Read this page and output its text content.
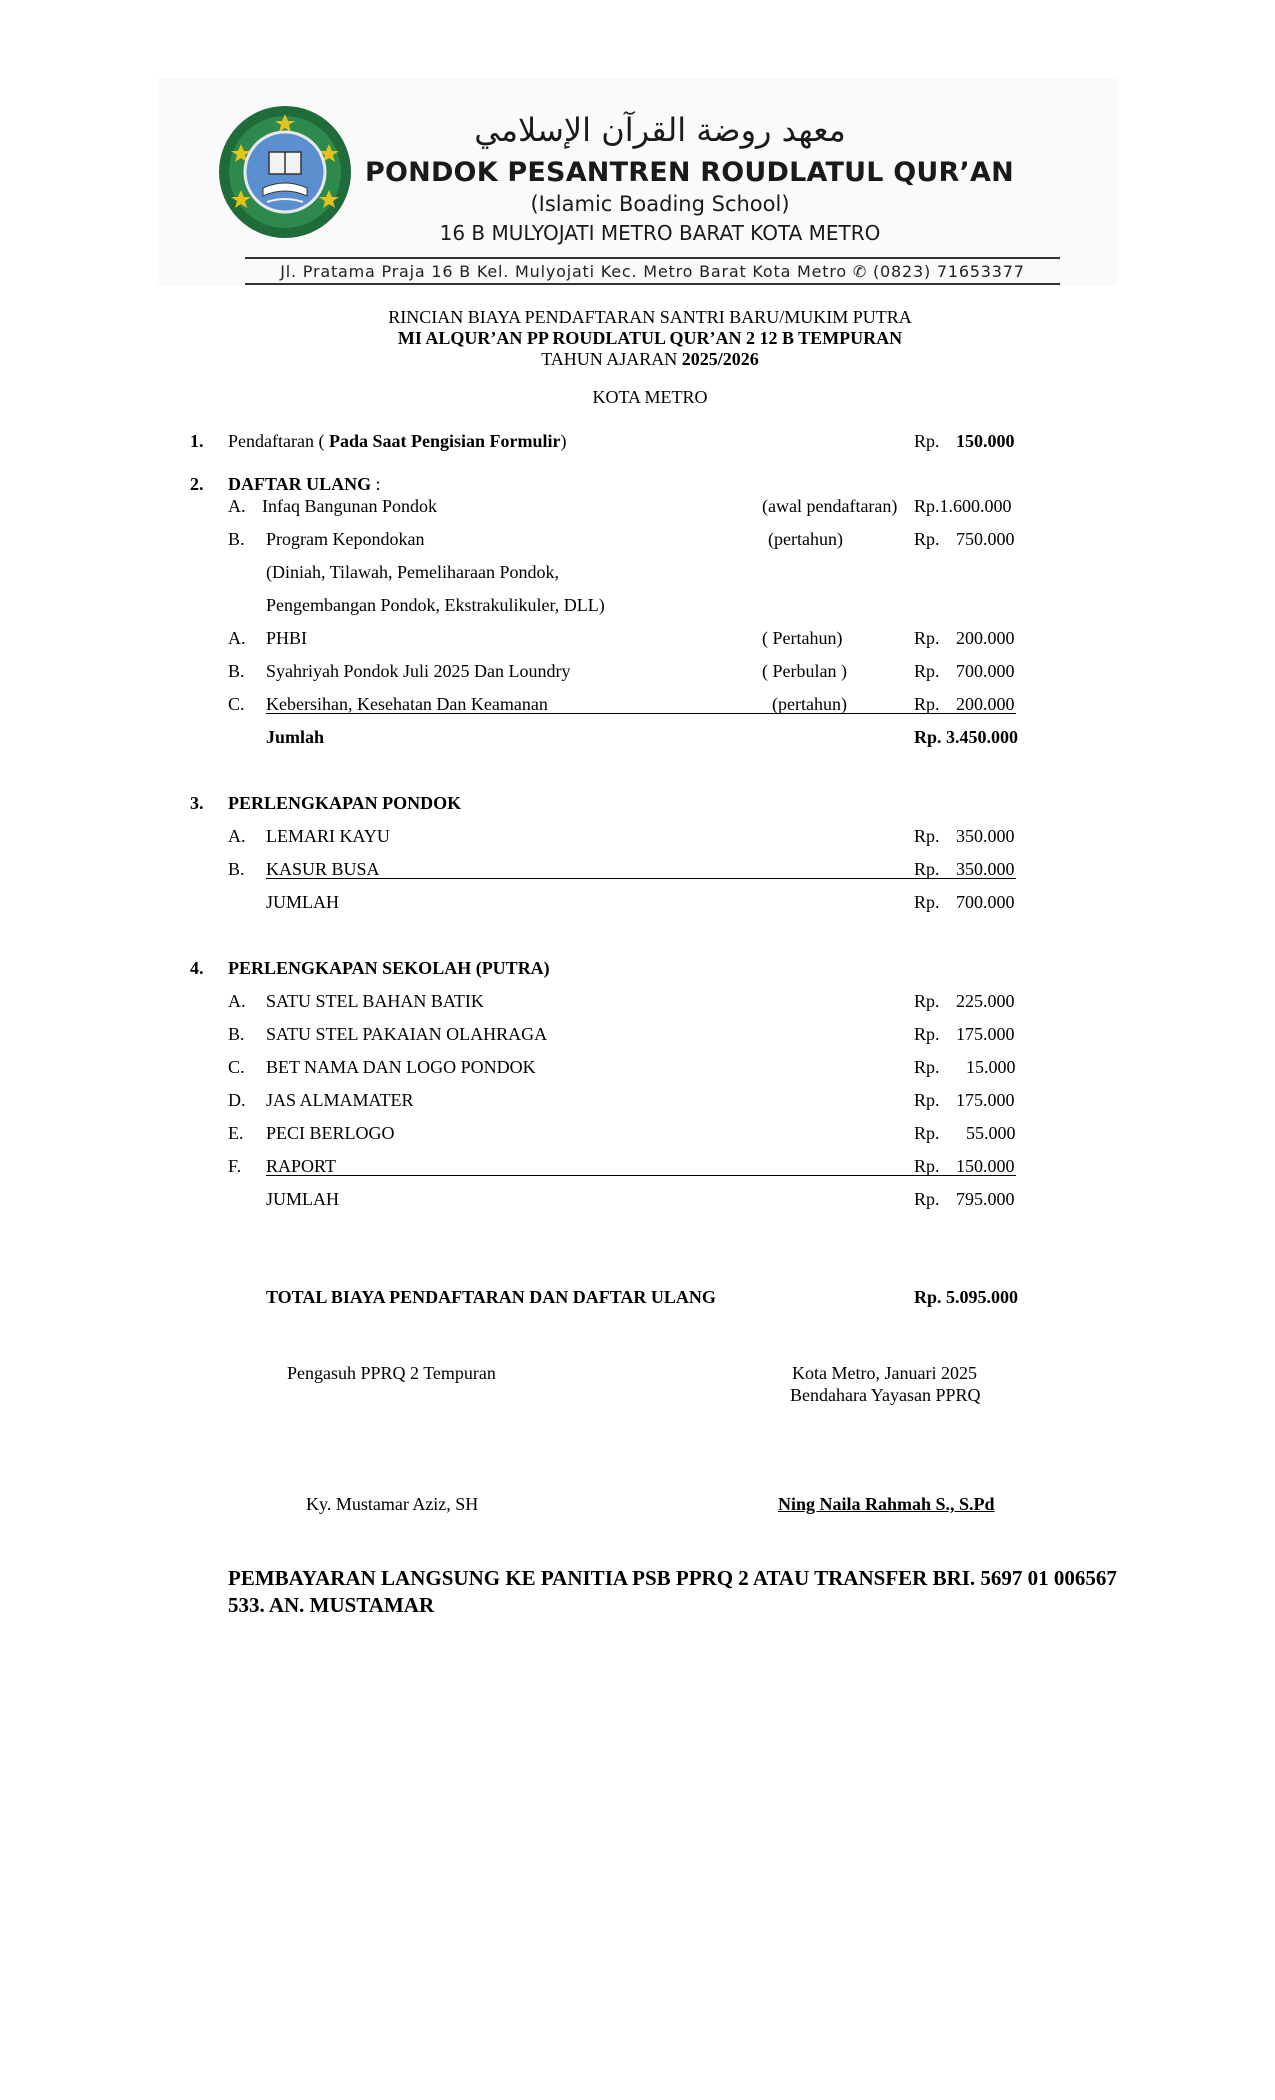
معهد روضة القرآن الإسلامي
PONDOK PESANTREN ROUDLATUL QUR’AN
(Islamic Boading School)
16 B MULYOJATI METRO BARAT KOTA METRO
Jl. Pratama Praja 16 B Kel. Mulyojati Kec. Metro Barat Kota Metro ✆ (0823) 71653377
RINCIAN BIAYA PENDAFTARAN SANTRI BARU/MUKIM PUTRA
MI ALQUR’AN PP ROUDLATUL QUR’AN 2 12 B TEMPURAN
TAHUN AJARAN 2025/2026
KOTA METRO
1. Pendaftaran ( Pada Saat Pengisian Formulir)	Rp. 150.000
2. DAFTAR ULANG :
A. Infaq Bangunan Pondok	(awal pendaftaran) Rp.1.600.000
B. Program Kepondokan	(pertahun)	Rp. 750.000
(Diniah, Tilawah, Pemeliharaan Pondok,
Pengembangan Pondok, Ekstrakulikuler, DLL)
A. PHBI	( Pertahun)	Rp. 200.000
B. Syahriyah Pondok Juli 2025 Dan Loundry	( Perbulan )	Rp. 700.000
C. Kebersihan, Kesehatan Dan Keamanan	(pertahun)	Rp. 200.000
Jumlah	Rp. 3.450.000
3. PERLENGKAPAN PONDOK
A. LEMARI KAYU	Rp. 350.000
B. KASUR BUSA	Rp. 350.000
JUMLAH	Rp. 700.000
4. PERLENGKAPAN SEKOLAH (PUTRA)
A. SATU STEL BAHAN BATIK	Rp. 225.000
B. SATU STEL PAKAIAN OLAHRAGA	Rp. 175.000
C. BET NAMA DAN LOGO PONDOK	Rp. 15.000
D. JAS ALMAMATER	Rp. 175.000
E. PECI BERLOGO	Rp. 55.000
F. RAPORT	Rp. 150.000
JUMLAH	Rp. 795.000
TOTAL BIAYA PENDAFTARAN DAN DAFTAR ULANG	Rp. 5.095.000
Pengasuh PPRQ 2 Tempuran	Kota Metro, Januari 2025
Bendahara Yayasan PPRQ
Ky. Mustamar Aziz, SH	Ning Naila Rahmah S., S.Pd
PEMBAYARAN LANGSUNG KE PANITIA PSB PPRQ 2 ATAU TRANSFER BRI. 5697 01 006567
533. AN. MUSTAMAR
